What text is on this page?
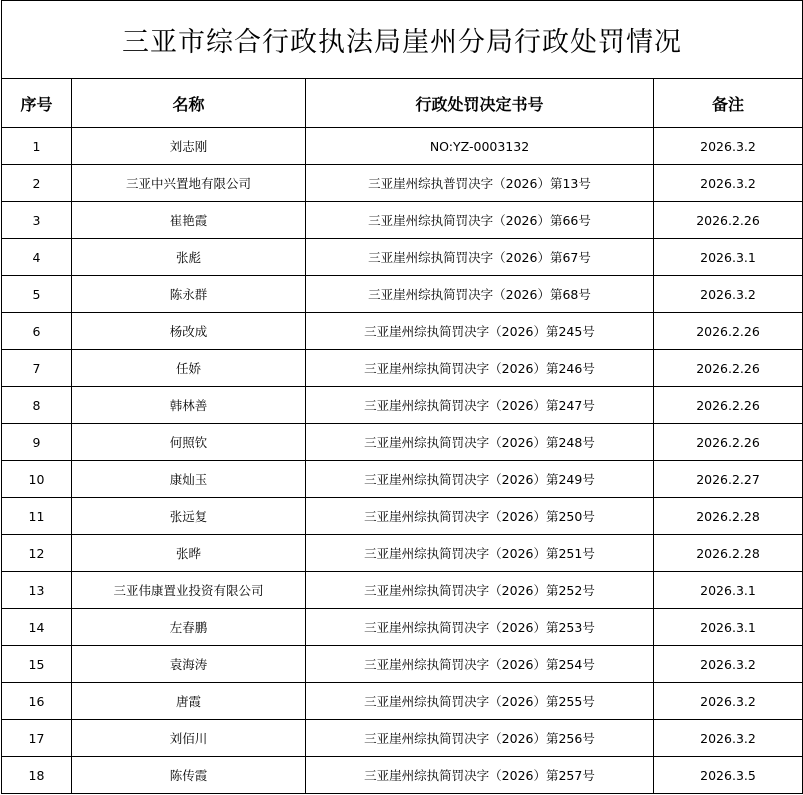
三亚市综合行政执法局崖州分局行政处罚情况			
序号	名称	行政处罚决定书号	备注
1	刘志刚	NO:YZ-0003132	2026.3.2
2	三亚中兴置地有限公司	三亚崖州综执普罚决字（2026）第13号	2026.3.2
3	崔艳霞	三亚崖州综执简罚决字（2026）第66号	2026.2.26
4	张彪	三亚崖州综执简罚决字（2026）第67号	2026.3.1
5	陈永群	三亚崖州综执简罚决字（2026）第68号	2026.3.2
6	杨改成	三亚崖州综执简罚决字（2026）第245号	2026.2.26
7	任娇	三亚崖州综执简罚决字（2026）第246号	2026.2.26
8	韩林善	三亚崖州综执简罚决字（2026）第247号	2026.2.26
9	何照钦	三亚崖州综执简罚决字（2026）第248号	2026.2.26
10	康灿玉	三亚崖州综执简罚决字（2026）第249号	2026.2.27
11	张远复	三亚崖州综执简罚决字（2026）第250号	2026.2.28
12	张晔	三亚崖州综执简罚决字（2026）第251号	2026.2.28
13	三亚伟康置业投资有限公司	三亚崖州综执简罚决字（2026）第252号	2026.3.1
14	左春鹏	三亚崖州综执简罚决字（2026）第253号	2026.3.1
15	袁海涛	三亚崖州综执简罚决字（2026）第254号	2026.3.2
16	唐霞	三亚崖州综执简罚决字（2026）第255号	2026.3.2
17	刘佰川	三亚崖州综执简罚决字（2026）第256号	2026.3.2
18	陈传霞	三亚崖州综执简罚决字（2026）第257号	2026.3.5
